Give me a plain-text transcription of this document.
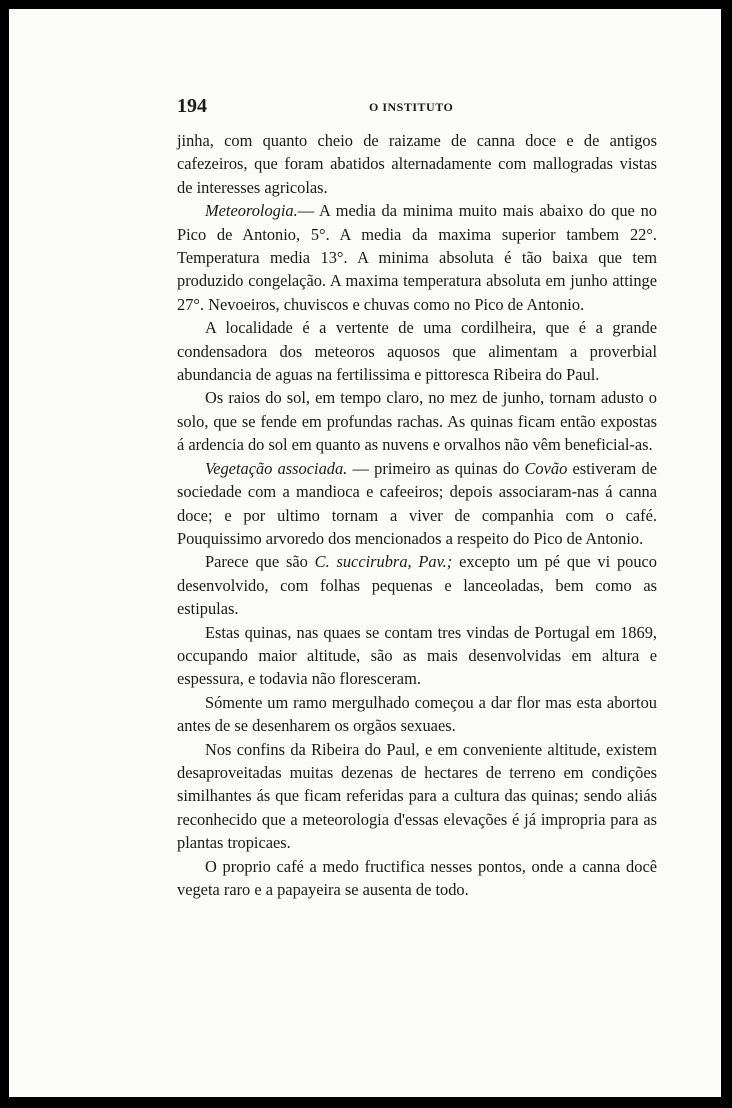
194	O INSTITUTO

jinha, com quanto cheio de raizame de canna doce e de antigos cafezeiros, que foram abatidos alternadamente com mallogradas vistas de interesses agricolas.

Meteorologia.— A media da minima muito mais abaixo do que no Pico de Antonio, 5°. A media da maxima superior tambem 22°. Temperatura media 13°. A minima absoluta é tão baixa que tem produzido congelação. A maxima temperatura absoluta em junho attinge 27°. Nevoeiros, chuviscos e chuvas como no Pico de Antonio.

A localidade é a vertente de uma cordilheira, que é a grande condensadora dos meteoros aquosos que alimentam a proverbial abundancia de aguas na fertilissima e pittoresca Ribeira do Paul.

Os raios do sol, em tempo claro, no mez de junho, tornam adusto o solo, que se fende em profundas rachas. As quinas ficam então expostas á ardencia do sol em quanto as nuvens e orvalhos não vêm beneficial-as.

Vegetação associada. — primeiro as quinas do Covão estiveram de sociedade com a mandioca e cafeeiros; depois associaram-nas á canna doce; e por ultimo tornam a viver de companhia com o café. Pouquissimo arvoredo dos mencionados a respeito do Pico de Antonio.

Parece que são C. succirubra, Pav.; excepto um pé que vi pouco desenvolvido, com folhas pequenas e lanceoladas, bem como as estipulas.

Estas quinas, nas quaes se contam tres vindas de Portugal em 1869, occupando maior altitude, são as mais desenvolvidas em altura e espessura, e todavia não floresceram.

Sómente um ramo mergulhado começou a dar flor mas esta abortou antes de se desenharem os orgãos sexuaes.

Nos confins da Ribeira do Paul, e em conveniente altitude, existem desaproveitadas muitas dezenas de hectares de terreno em condições similhantes ás que ficam referidas para a cultura das quinas; sendo aliás reconhecido que a meteorologia d'essas elevações é já impropria para as plantas tropicaes.

O proprio café a medo fructifica nesses pontos, onde a canna docê vegeta raro e a papayeira se ausenta de todo.
